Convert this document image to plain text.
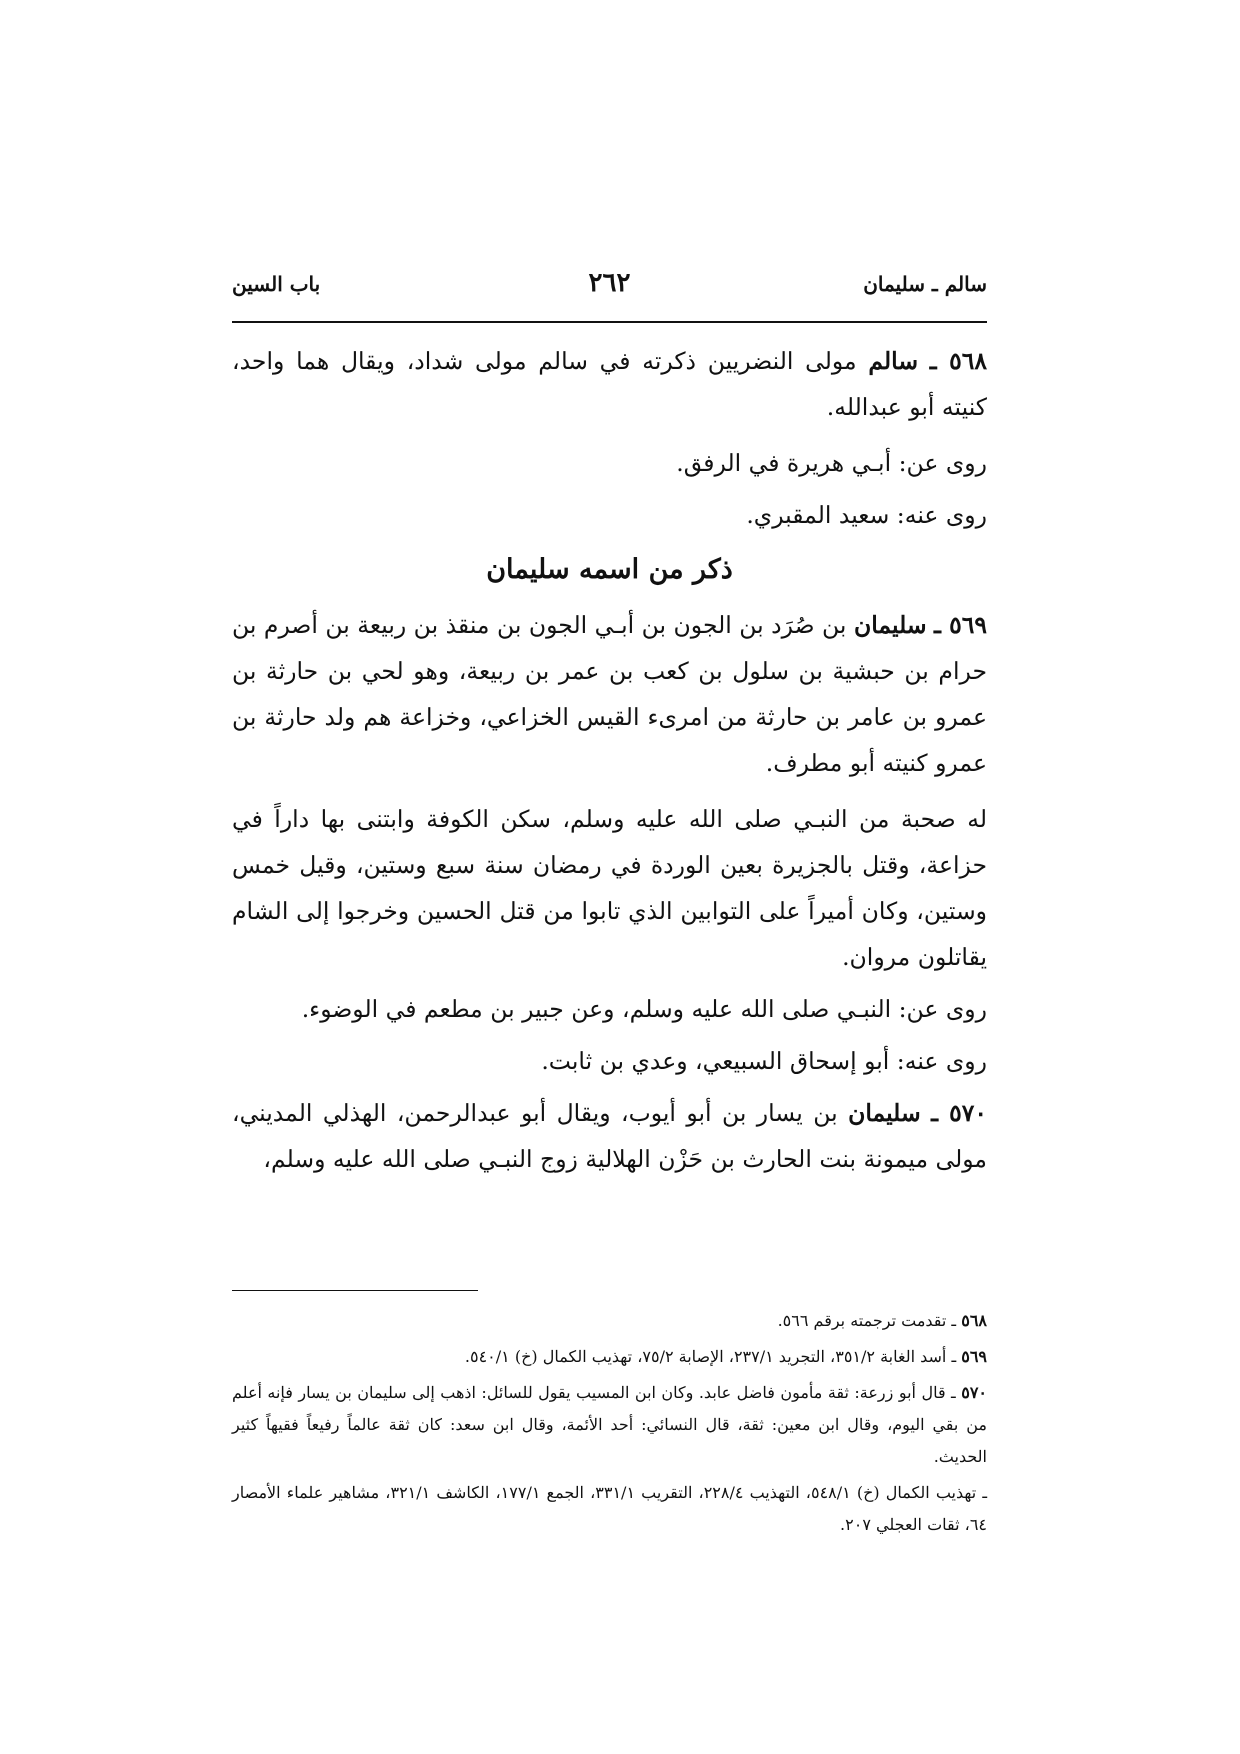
سالم ـ سليمان
٢٦٢
باب السين

٥٦٨ ـ سالم مولى النضريين ذكرته في سالم مولى شداد، ويقال هما واحد، كنيته أبو عبدالله.

روى عن: أبـي هريرة في الرفق.

روى عنه: سعيد المقبري.

ذكر من اسمه سليمان

٥٦٩ ـ سليمان بن صُرَد بن الجون بن أبـي الجون بن منقذ بن ربيعة بن أصرم بن حرام بن حبشية بن سلول بن كعب بن عمر بن ربيعة، وهو لحي بن حارثة بن عمرو بن عامر بن حارثة من امرىء القيس الخزاعي، وخزاعة هم ولد حارثة بن عمرو كنيته أبو مطرف.

له صحبة من النبـي صلى الله عليه وسلم، سكن الكوفة وابتنى بها داراً في حزاعة، وقتل بالجزيرة بعين الوردة في رمضان سنة سبع وستين، وقيل خمس وستين، وكان أميراً على التوابين الذي تابوا من قتل الحسين وخرجوا إلى الشام يقاتلون مروان.

روى عن: النبـي صلى الله عليه وسلم، وعن جبير بن مطعم في الوضوء.

روى عنه: أبو إسحاق السبيعي، وعدي بن ثابت.

٥٧٠ ـ سليمان بن يسار بن أبو أيوب، ويقال أبو عبدالرحمن، الهذلي المديني، مولى ميمونة بنت الحارث بن حَزْن الهلالية زوج النبـي صلى الله عليه وسلم،

٥٦٨ ـ تقدمت ترجمته برقم ٥٦٦.

٥٦٩ ـ أسد الغابة ٣٥١/٢، التجريد ٢٣٧/١، الإصابة ٧٥/٢، تهذيب الكمال (خ) ٥٤٠/١.

٥٧٠ ـ قال أبو زرعة: ثقة مأمون فاضل عابد. وكان ابن المسيب يقول للسائل: اذهب إلى سليمان بن يسار فإنه أعلم من بقي اليوم، وقال ابن معين: ثقة، قال النسائي: أحد الأئمة، وقال ابن سعد: كان ثقة عالماً رفيعاً فقيهاً كثير الحديث.

ـ تهذيب الكمال (خ) ٥٤٨/١، التهذيب ٢٢٨/٤، التقريب ٣٣١/١، الجمع ١٧٧/١، الكاشف ٣٢١/١، مشاهير علماء الأمصار ٦٤، ثقات العجلي ٢٠٧.
